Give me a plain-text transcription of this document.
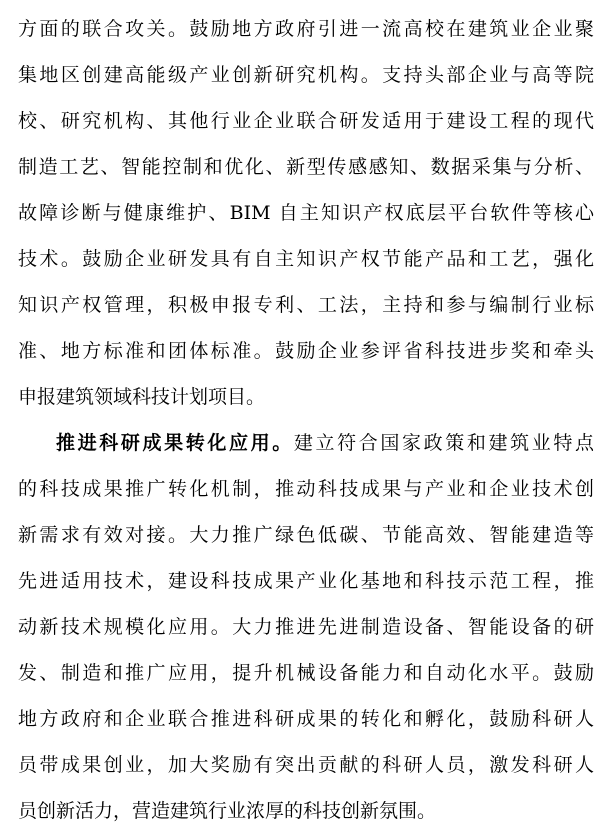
方面的联合攻关。鼓励地方政府引进一流高校在建筑业企业聚
集地区创建高能级产业创新研究机构。支持头部企业与高等院
校、研究机构、其他行业企业联合研发适用于建设工程的现代
制造工艺、智能控制和优化、新型传感感知、数据采集与分析、
故障诊断与健康维护、BIM 自主知识产权底层平台软件等核心
技术。鼓励企业研发具有自主知识产权节能产品和工艺，强化
知识产权管理，积极申报专利、工法，主持和参与编制行业标
准、地方标准和团体标准。鼓励企业参评省科技进步奖和牵头
申报建筑领域科技计划项目。
推进科研成果转化应用。建立符合国家政策和建筑业特点
的科技成果推广转化机制，推动科技成果与产业和企业技术创
新需求有效对接。大力推广绿色低碳、节能高效、智能建造等
先进适用技术，建设科技成果产业化基地和科技示范工程，推
动新技术规模化应用。大力推进先进制造设备、智能设备的研
发、制造和推广应用，提升机械设备能力和自动化水平。鼓励
地方政府和企业联合推进科研成果的转化和孵化，鼓励科研人
员带成果创业，加大奖励有突出贡献的科研人员，激发科研人
员创新活力，营造建筑行业浓厚的科技创新氛围。
